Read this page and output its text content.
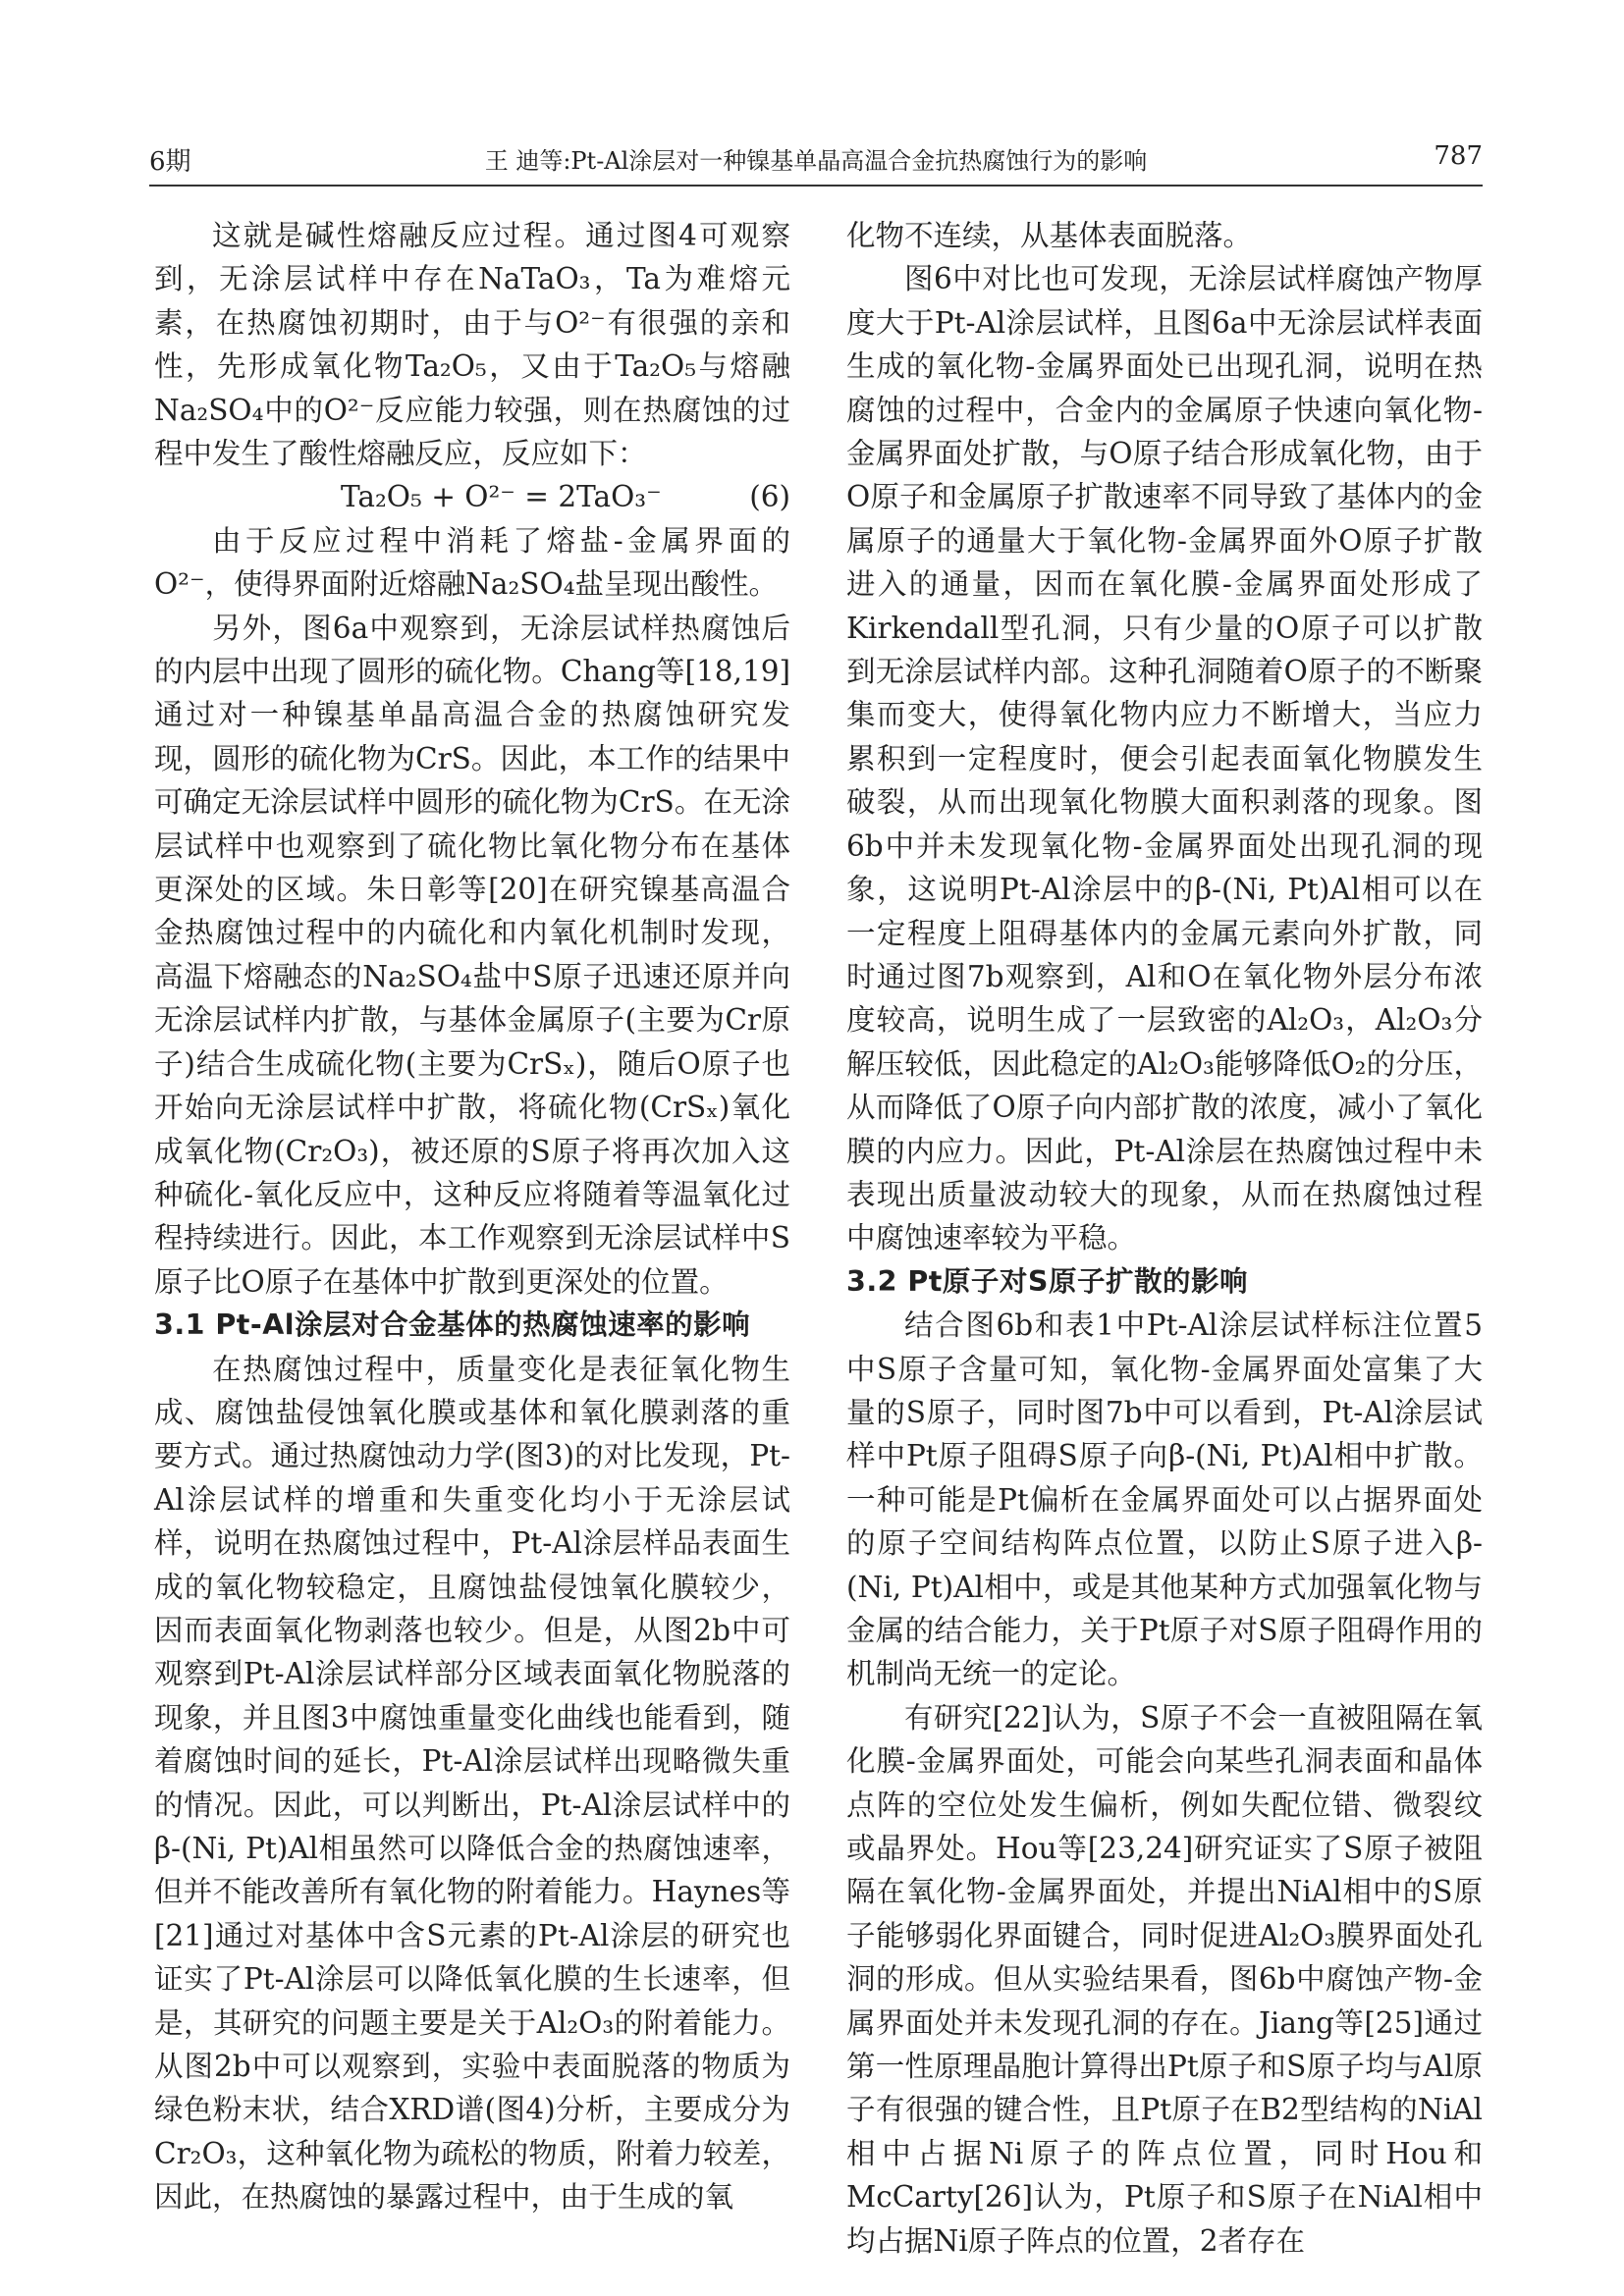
6期	王 迪等:Pt-Al涂层对一种镍基单晶高温合金抗热腐蚀行为的影响	787

这就是碱性熔融反应过程。通过图4可观察到，无涂层试样中存在NaTaO₃，Ta为难熔元素，在热腐蚀初期时，由于与O²⁻有很强的亲和性，先形成氧化物Ta₂O₅，又由于Ta₂O₅与熔融Na₂SO₄中的O²⁻反应能力较强，则在热腐蚀的过程中发生了酸性熔融反应，反应如下：

Ta₂O₅ + O²⁻ = 2TaO₃⁻	(6)

由于反应过程中消耗了熔盐-金属界面的O²⁻，使得界面附近熔融Na₂SO₄盐呈现出酸性。

另外，图6a中观察到，无涂层试样热腐蚀后的内层中出现了圆形的硫化物。Chang等[18,19]通过对一种镍基单晶高温合金的热腐蚀研究发现，圆形的硫化物为CrS。因此，本工作的结果中可确定无涂层试样中圆形的硫化物为CrS。在无涂层试样中也观察到了硫化物比氧化物分布在基体更深处的区域。朱日彰等[20]在研究镍基高温合金热腐蚀过程中的内硫化和内氧化机制时发现，高温下熔融态的Na₂SO₄盐中S原子迅速还原并向无涂层试样内扩散，与基体金属原子(主要为Cr原子)结合生成硫化物(主要为CrSₓ)，随后O原子也开始向无涂层试样中扩散，将硫化物(CrSₓ)氧化成氧化物(Cr₂O₃)，被还原的S原子将再次加入这种硫化-氧化反应中，这种反应将随着等温氧化过程持续进行。因此，本工作观察到无涂层试样中S原子比O原子在基体中扩散到更深处的位置。

3.1 Pt-Al涂层对合金基体的热腐蚀速率的影响

在热腐蚀过程中，质量变化是表征氧化物生成、腐蚀盐侵蚀氧化膜或基体和氧化膜剥落的重要方式。通过热腐蚀动力学(图3)的对比发现，Pt-Al涂层试样的增重和失重变化均小于无涂层试样，说明在热腐蚀过程中，Pt-Al涂层样品表面生成的氧化物较稳定，且腐蚀盐侵蚀氧化膜较少，因而表面氧化物剥落也较少。但是，从图2b中可观察到Pt-Al涂层试样部分区域表面氧化物脱落的现象，并且图3中腐蚀重量变化曲线也能看到，随着腐蚀时间的延长，Pt-Al涂层试样出现略微失重的情况。因此，可以判断出，Pt-Al涂层试样中的β-(Ni, Pt)Al相虽然可以降低合金的热腐蚀速率，但并不能改善所有氧化物的附着能力。Haynes等[21]通过对基体中含S元素的Pt-Al涂层的研究也证实了Pt-Al涂层可以降低氧化膜的生长速率，但是，其研究的问题主要是关于Al₂O₃的附着能力。从图2b中可以观察到，实验中表面脱落的物质为绿色粉末状，结合XRD谱(图4)分析，主要成分为Cr₂O₃，这种氧化物为疏松的物质，附着力较差，因此，在热腐蚀的暴露过程中，由于生成的氧

化物不连续，从基体表面脱落。

图6中对比也可发现，无涂层试样腐蚀产物厚度大于Pt-Al涂层试样，且图6a中无涂层试样表面生成的氧化物-金属界面处已出现孔洞，说明在热腐蚀的过程中，合金内的金属原子快速向氧化物-金属界面处扩散，与O原子结合形成氧化物，由于O原子和金属原子扩散速率不同导致了基体内的金属原子的通量大于氧化物-金属界面外O原子扩散进入的通量，因而在氧化膜-金属界面处形成了Kirkendall型孔洞，只有少量的O原子可以扩散到无涂层试样内部。这种孔洞随着O原子的不断聚集而变大，使得氧化物内应力不断增大，当应力累积到一定程度时，便会引起表面氧化物膜发生破裂，从而出现氧化物膜大面积剥落的现象。图6b中并未发现氧化物-金属界面处出现孔洞的现象，这说明Pt-Al涂层中的β-(Ni, Pt)Al相可以在一定程度上阻碍基体内的金属元素向外扩散，同时通过图7b观察到，Al和O在氧化物外层分布浓度较高，说明生成了一层致密的Al₂O₃，Al₂O₃分解压较低，因此稳定的Al₂O₃能够降低O₂的分压，从而降低了O原子向内部扩散的浓度，减小了氧化膜的内应力。因此，Pt-Al涂层在热腐蚀过程中未表现出质量波动较大的现象，从而在热腐蚀过程中腐蚀速率较为平稳。

3.2 Pt原子对S原子扩散的影响

结合图6b和表1中Pt-Al涂层试样标注位置5中S原子含量可知，氧化物-金属界面处富集了大量的S原子，同时图7b中可以看到，Pt-Al涂层试样中Pt原子阻碍S原子向β-(Ni, Pt)Al相中扩散。一种可能是Pt偏析在金属界面处可以占据界面处的原子空间结构阵点位置，以防止S原子进入β-(Ni, Pt)Al相中，或是其他某种方式加强氧化物与金属的结合能力，关于Pt原子对S原子阻碍作用的机制尚无统一的定论。

有研究[22]认为，S原子不会一直被阻隔在氧化膜-金属界面处，可能会向某些孔洞表面和晶体点阵的空位处发生偏析，例如失配位错、微裂纹或晶界处。Hou等[23,24]研究证实了S原子被阻隔在氧化物-金属界面处，并提出NiAl相中的S原子能够弱化界面键合，同时促进Al₂O₃膜界面处孔洞的形成。但从实验结果看，图6b中腐蚀产物-金属界面处并未发现孔洞的存在。Jiang等[25]通过第一性原理晶胞计算得出Pt原子和S原子均与Al原子有很强的键合性，且Pt原子在B2型结构的NiAl相中占据Ni原子的阵点位置，同时Hou和McCarty[26]认为，Pt原子和S原子在NiAl相中均占据Ni原子阵点的位置，2者存在
